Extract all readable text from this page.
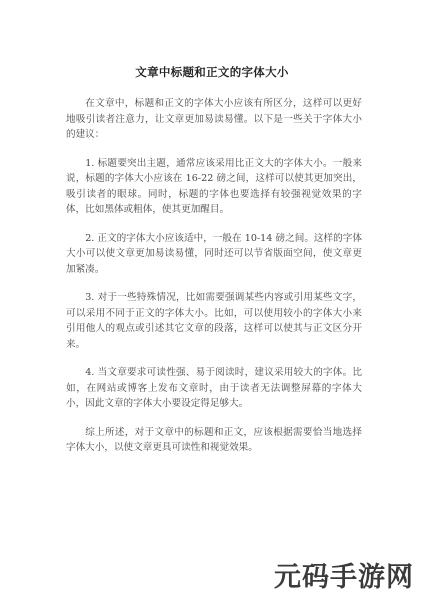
文章中标题和正文的字体大小

在文章中，标题和正文的字体大小应该有所区分，这样可以更好地吸引读者注意力，让文章更加易读易懂。以下是一些关于字体大小的建议：

1. 标题要突出主题，通常应该采用比正文大的字体大小。一般来说，标题的字体大小应该在 16-22 磅之间，这样可以使其更加突出，吸引读者的眼球。同时，标题的字体也要选择有较强视觉效果的字体，比如黑体或粗体，使其更加醒目。

2. 正文的字体大小应该适中，一般在 10-14 磅之间。这样的字体大小可以使文章更加易读易懂，同时还可以节省版面空间，使文章更加紧凑。

3. 对于一些特殊情况，比如需要强调某些内容或引用某些文字，可以采用不同于正文的字体大小。比如，可以使用较小的字体大小来引用他人的观点或引述其它文章的段落，这样可以使其与正文区分开来。

4. 当文章要求可读性强、易于阅读时，建议采用较大的字体。比如，在网站或博客上发布文章时，由于读者无法调整屏幕的字体大小，因此文章的字体大小要设定得足够大。

综上所述，对于文章中的标题和正文，应该根据需要恰当地选择字体大小，以使文章更具可读性和视觉效果。

元码手游网
